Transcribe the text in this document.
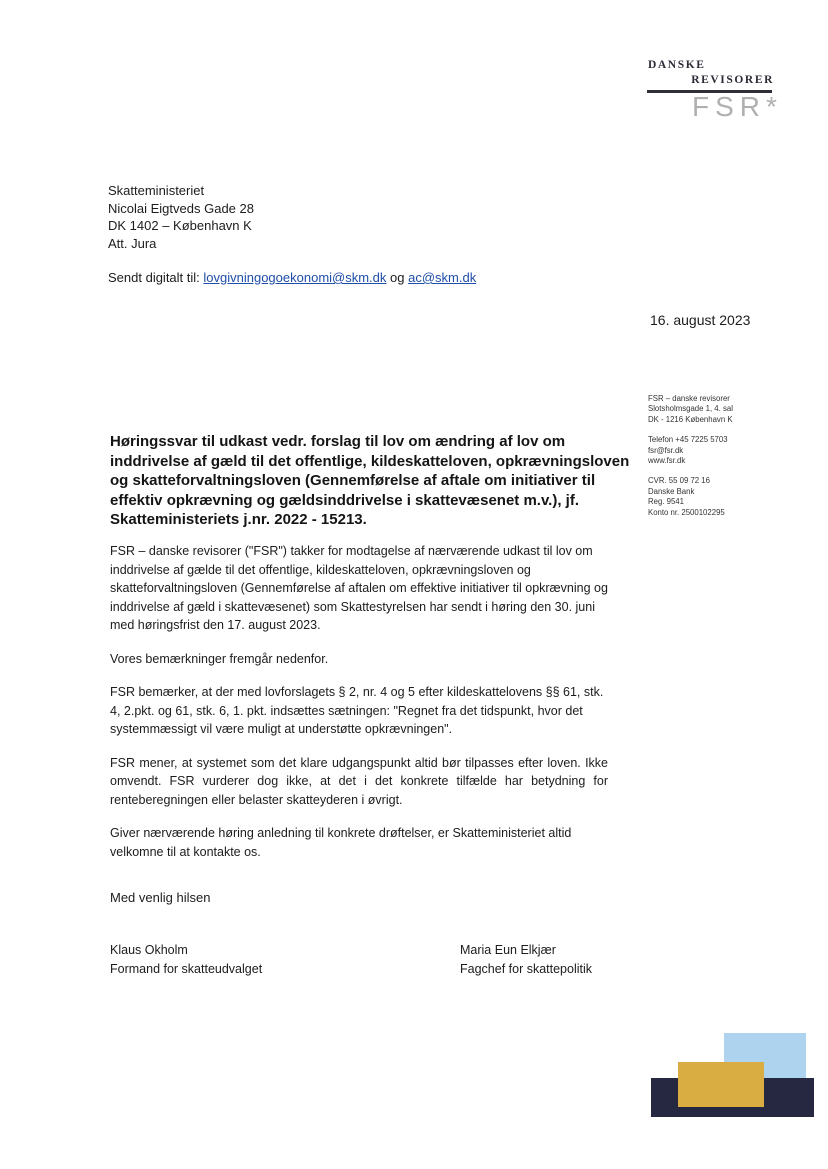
DANSKE
REVISORER
FSR*
Skatteministeriet
Nicolai Eigtveds Gade 28
DK 1402 – København K
Att. Jura
Sendt digitalt til: lovgivningogoekonomi@skm.dk og ac@skm.dk
16. august 2023
FSR – danske revisorer
Slotsholmsgade 1, 4. sal
DK - 1216 København K
Telefon +45 7225 5703
fsr@fsr.dk
www.fsr.dk
CVR. 55 09 72 16
Danske Bank
Reg. 9541
Konto nr. 2500102295
Høringssvar til udkast vedr. forslag til lov om ændring af lov om inddrivelse af gæld til det offentlige, kildeskatteloven, opkrævningsloven og skatteforvaltningsloven (Gennemførelse af aftale om initiativer til effektiv opkrævning og gældsinddrivelse i skattevæsenet m.v.), jf. Skatteministeriets j.nr. 2022 - 15213.

FSR – danske revisorer ("FSR") takker for modtagelse af nærværende udkast til lov om inddrivelse af gælde til det offentlige, kildeskatteloven, opkrævningsloven og skatteforvaltningsloven (Gennemførelse af aftalen om effektive initiativer til opkrævning og inddrivelse af gæld i skattevæsenet) som Skattestyrelsen har sendt i høring den 30. juni med høringsfrist den 17. august 2023.

Vores bemærkninger fremgår nedenfor.

FSR bemærker, at der med lovforslagets § 2, nr. 4 og 5 efter kildeskattelovens §§ 61, stk. 4, 2.pkt. og 61, stk. 6, 1. pkt. indsættes sætningen: "Regnet fra det tidspunkt, hvor det systemmæssigt vil være muligt at understøtte opkrævningen".

FSR mener, at systemet som det klare udgangspunkt altid bør tilpasses efter loven. Ikke omvendt. FSR vurderer dog ikke, at det i det konkrete tilfælde har betydning for renteberegningen eller belaster skatteyderen i øvrigt.

Giver nærværende høring anledning til konkrete drøftelser, er Skatteministeriet altid velkomne til at kontakte os.

Med venlig hilsen
Klaus Okholm
Formand for skatteudvalget
Maria Eun Elkjær
Fagchef for skattepolitik
